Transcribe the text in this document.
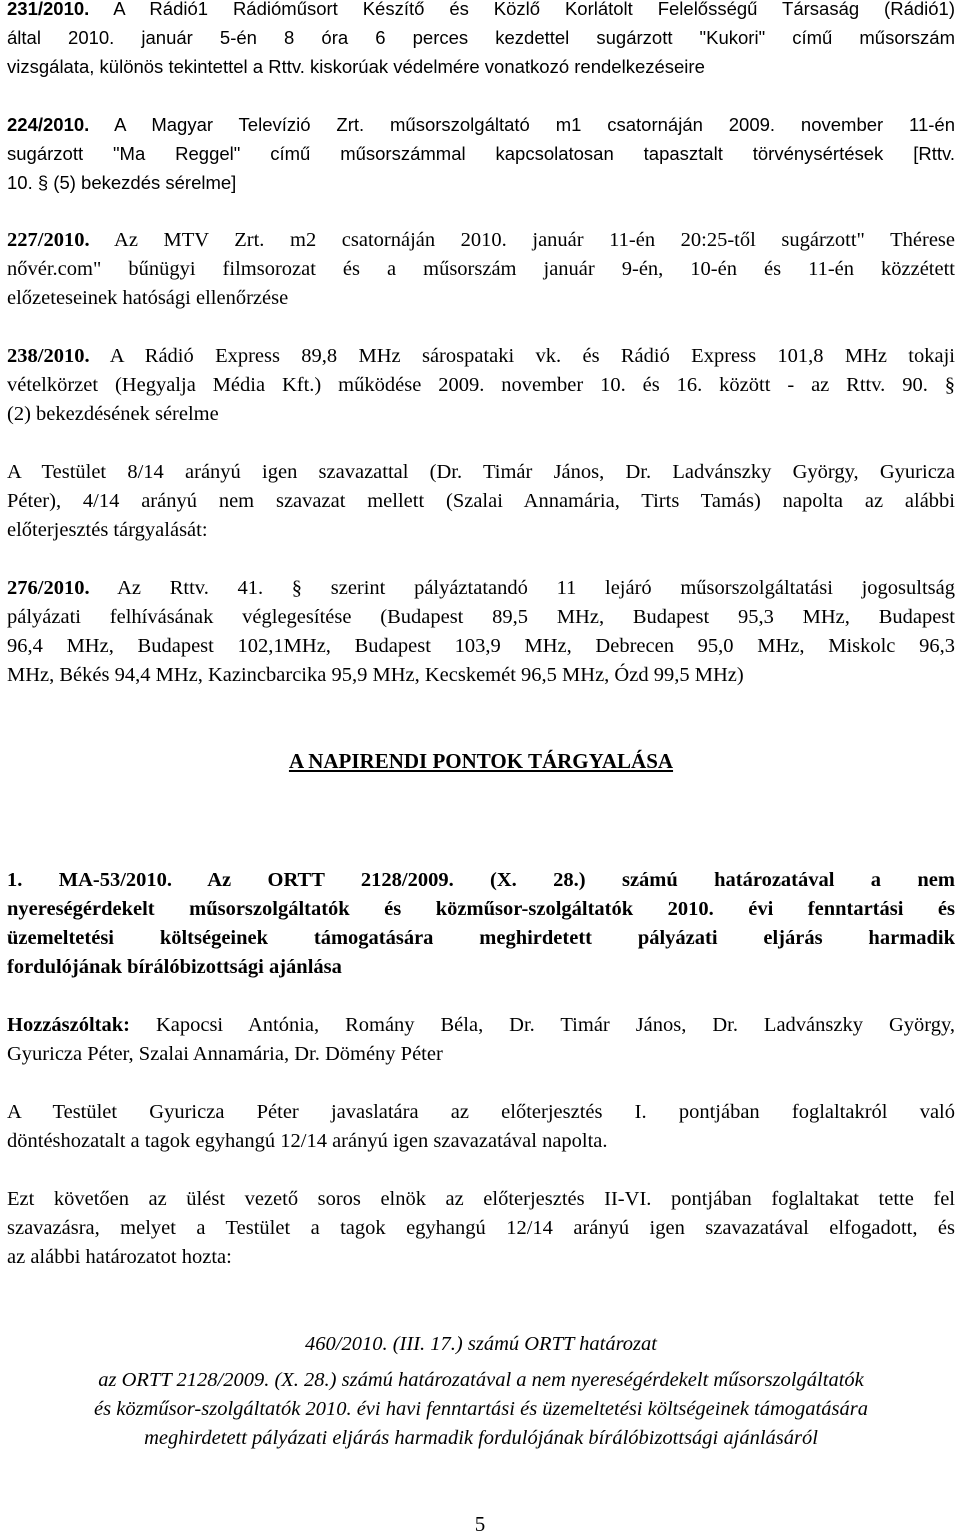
231/2010. A Rádió1 Rádióműsort Készítő és Közlő Korlátolt Felelősségű Társaság (Rádió1)
által 2010. január 5-én 8 óra 6 perces kezdettel sugárzott "Kukori" című műsorszám
vizsgálata, különös tekintettel a Rttv. kiskorúak védelmére vonatkozó rendelkezéseire
224/2010. A Magyar Televízió Zrt. műsorszolgáltató m1 csatornáján 2009. november 11-én
sugárzott "Ma Reggel" című műsorszámmal kapcsolatosan tapasztalt törvénysértések [Rttv.
10. § (5) bekezdés sérelme]
227/2010. Az MTV Zrt. m2 csatornáján 2010. január 11-én 20:25-től sugárzott" Thérese
nővér.com" bűnügyi filmsorozat és a műsorszám január 9-én, 10-én és 11-én közzétett
előzeteseinek hatósági ellenőrzése
238/2010. A Rádió Express 89,8 MHz sárospataki vk. és Rádió Express 101,8 MHz tokaji
vételkörzet (Hegyalja Média Kft.) működése 2009. november 10. és 16. között - az Rttv. 90. §
(2) bekezdésének sérelme
A Testület 8/14 arányú igen szavazattal (Dr. Timár János, Dr. Ladvánszky György, Gyuricza
Péter), 4/14 arányú nem szavazat mellett (Szalai Annamária, Tirts Tamás) napolta az alábbi
előterjesztés tárgyalását:
276/2010. Az Rttv. 41. § szerint pályáztatandó 11 lejáró műsorszolgáltatási jogosultság
pályázati felhívásának véglegesítése (Budapest 89,5 MHz, Budapest 95,3 MHz, Budapest
96,4 MHz, Budapest 102,1MHz, Budapest 103,9 MHz, Debrecen 95,0 MHz, Miskolc 96,3
MHz, Békés 94,4 MHz, Kazincbarcika 95,9 MHz, Kecskemét 96,5 MHz, Ózd 99,5 MHz)
A NAPIRENDI PONTOK TÁRGYALÁSA
1. MA-53/2010. Az ORTT 2128/2009. (X. 28.) számú határozatával a nem
nyereségérdekelt műsorszolgáltatók és közműsor-szolgáltatók 2010. évi fenntartási és
üzemeltetési költségeinek támogatására meghirdetett pályázati eljárás harmadik
fordulójának bírálóbizottsági ajánlása
Hozzászóltak: Kapocsi Antónia, Romány Béla, Dr. Timár János, Dr. Ladvánszky György,
Gyuricza Péter, Szalai Annamária, Dr. Dömény Péter
A Testület Gyuricza Péter javaslatára az előterjesztés I. pontjában foglaltakról való
döntéshozatalt a tagok egyhangú 12/14 arányú igen szavazatával napolta.
Ezt követően az ülést vezető soros elnök az előterjesztés II-VI. pontjában foglaltakat tette fel
szavazásra, melyet a Testület a tagok egyhangú 12/14 arányú igen szavazatával elfogadott, és
az alábbi határozatot hozta:
460/2010. (III. 17.) számú ORTT határozat
az ORTT 2128/2009. (X. 28.) számú határozatával a nem nyereségérdekelt műsorszolgáltatók
és közműsor-szolgáltatók 2010. évi havi fenntartási és üzemeltetési költségeinek támogatására
meghirdetett pályázati eljárás harmadik fordulójának bírálóbizottsági ajánlásáról
5
